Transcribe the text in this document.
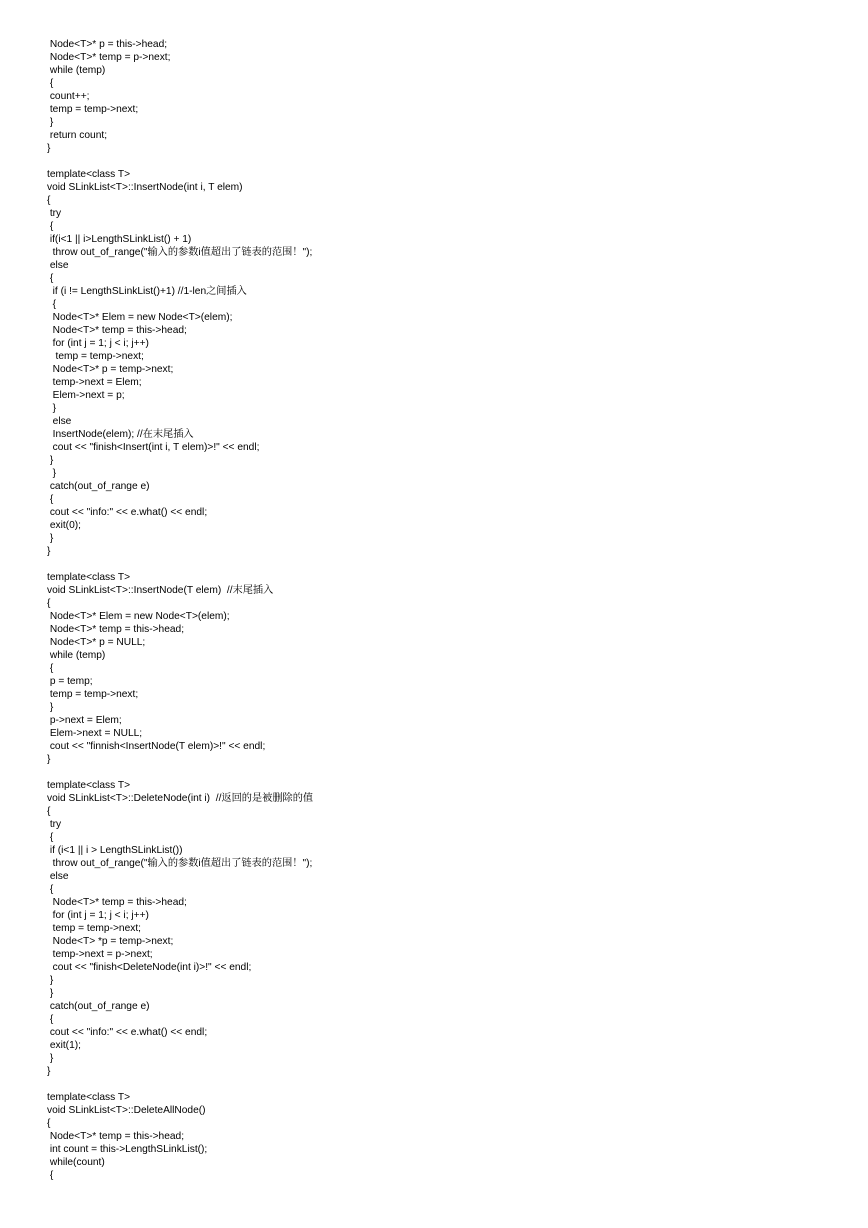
Node<T>* p = this->head;
Node<T>* temp = p->next;
while (temp)
{
count++;
temp = temp->next;
}
return count;
}
template<class T>
void SLinkList<T>::InsertNode(int i, T elem)
{
try
{
if(i<1 || i>LengthSLinkList() + 1)
throw out_of_range("输入的参数i值超出了链表的范围！");
else
{
if (i != LengthSLinkList()+1) //1-len之间插入
{
Node<T>* Elem = new Node<T>(elem);
Node<T>* temp = this->head;
for (int j = 1; j < i; j++)
temp = temp->next;
Node<T>* p = temp->next;
temp->next = Elem;
Elem->next = p;
}
else
InsertNode(elem); //在末尾插入
cout << "finish<Insert(int i, T elem)>!" << endl;
}
}
catch(out_of_range e)
{
cout << "info:" << e.what() << endl;
exit(0);
}
}
template<class T>
void SLinkList<T>::InsertNode(T elem)  //末尾插入
{
Node<T>* Elem = new Node<T>(elem);
Node<T>* temp = this->head;
Node<T>* p = NULL;
while (temp)
{
p = temp;
temp = temp->next;
}
p->next = Elem;
Elem->next = NULL;
cout << "finnish<InsertNode(T elem)>!" << endl;
}
template<class T>
void SLinkList<T>::DeleteNode(int i)  //返回的是被删除的值
{
try
{
if (i<1 || i > LengthSLinkList())
throw out_of_range("输入的参数i值超出了链表的范围！");
else
{
Node<T>* temp = this->head;
for (int j = 1; j < i; j++)
temp = temp->next;
Node<T> *p = temp->next;
temp->next = p->next;
cout << "finish<DeleteNode(int i)>!" << endl;
}
}
catch(out_of_range e)
{
cout << "info:" << e.what() << endl;
exit(1);
}
}
template<class T>
void SLinkList<T>::DeleteAllNode()
{
Node<T>* temp = this->head;
int count = this->LengthSLinkList();
while(count)
{
